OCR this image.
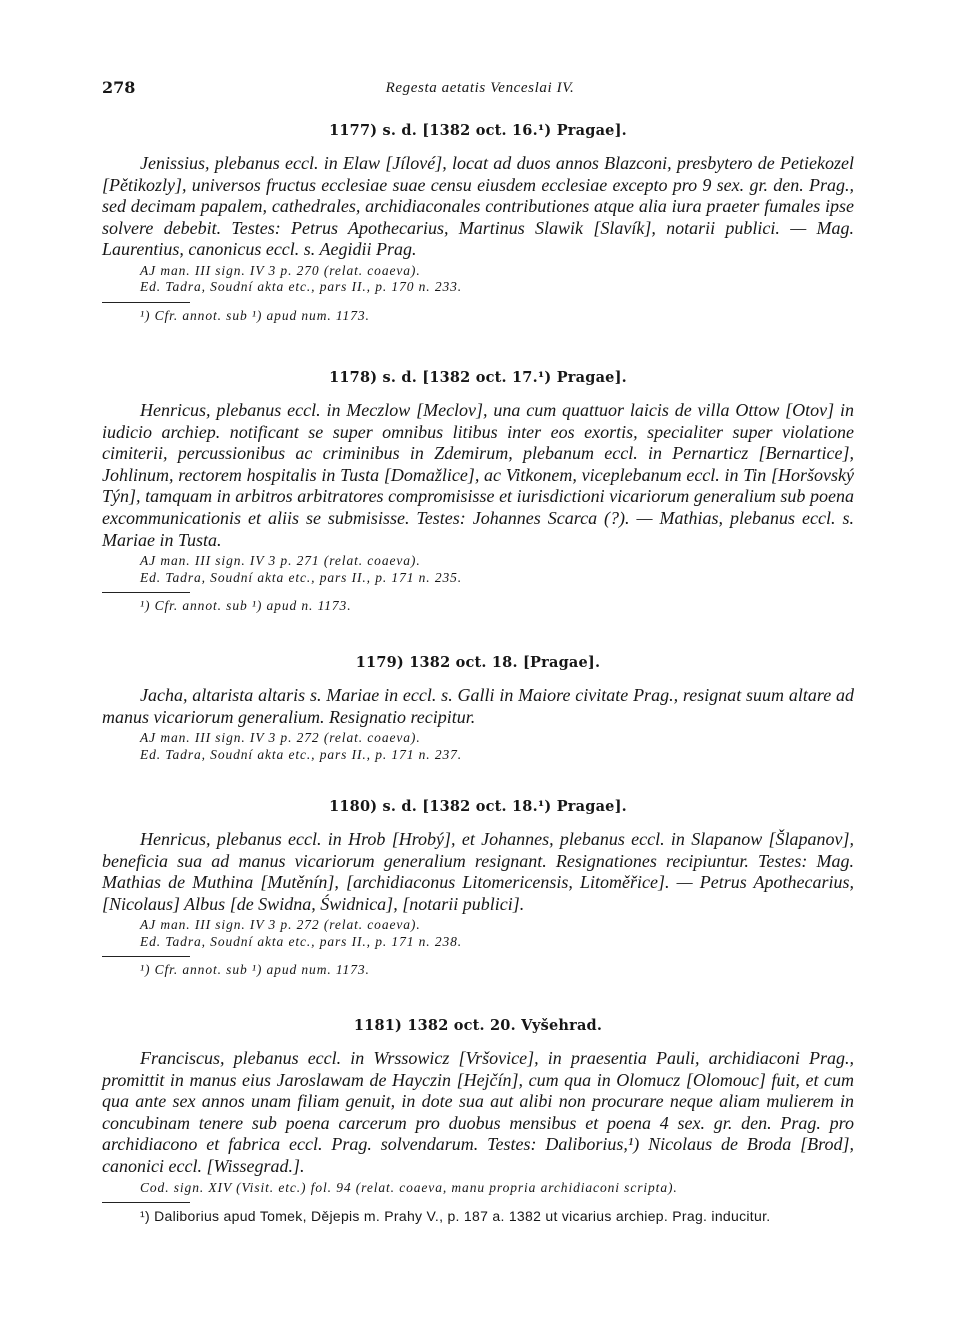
278	Regesta aetatis Venceslai IV.
1177) s. d. [1382 oct. 16.¹) Pragae].

Jenissius, plebanus eccl. in Elaw [Jílové], locat ad duos annos Blazconi, presbytero de Petiekozel [Pětikozly], universos fructus ecclesiae suae censu eiusdem ecclesiae excepto pro 9 sex. gr. den. Prag., sed decimam papalem, cathedrales, archidiaconales contributiones atque alia iura praeter fumales ipse solvere debebit. Testes: Petrus Apothecarius, Martinus Slawik [Slavík], notarii publici. — Mag. Laurentius, canonicus eccl. s. Aegidii Prag.

AJ man. III sign. IV 3 p. 270 (relat. coaeva).
Ed. Tadra, Soudní akta etc., pars II., p. 170 n. 233.
¹) Cfr. annot. sub ¹) apud num. 1173.
1178) s. d. [1382 oct. 17.¹) Pragae].

Henricus, plebanus eccl. in Meczlow [Meclov], una cum quattuor laicis de villa Ottow [Otov] in iudicio archiep. notificant se super omnibus litibus inter eos exortis, specialiter super violatione cimiterii, percussionibus ac criminibus in Zdemirum, plebanum eccl. in Pernarticz [Bernartice], Johlinum, rectorem hospitalis in Tusta [Domažlice], ac Vitkonem, viceplebanum eccl. in Tin [Horšovský Týn], tamquam in arbitros arbitratores compromisisse et iurisdictioni vicariorum generalium sub poena excommunicationis et aliis se submisisse. Testes: Johannes Scarca (?). — Mathias, plebanus eccl. s. Mariae in Tusta.

AJ man. III sign. IV 3 p. 271 (relat. coaeva).
Ed. Tadra, Soudní akta etc., pars II., p. 171 n. 235.
¹) Cfr. annot. sub ¹) apud n. 1173.
1179) 1382 oct. 18. [Pragae].

Jacha, altarista altaris s. Mariae in eccl. s. Galli in Maiore civitate Prag., resignat suum altare ad manus vicariorum generalium. Resignatio recipitur.

AJ man. III sign. IV 3 p. 272 (relat. coaeva).
Ed. Tadra, Soudní akta etc., pars II., p. 171 n. 237.
1180) s. d. [1382 oct. 18.¹) Pragae].

Henricus, plebanus eccl. in Hrob [Hrobý], et Johannes, plebanus eccl. in Slapanow [Šlapanov], beneficia sua ad manus vicariorum generalium resignant. Resignationes recipiuntur. Testes: Mag. Mathias de Muthina [Mutěnín], [archidiaconus Litomericensis, Litoměřice]. — Petrus Apothecarius, [Nicolaus] Albus [de Swidna, Świdnica], [notarii publici].

AJ man. III sign. IV 3 p. 272 (relat. coaeva).
Ed. Tadra, Soudní akta etc., pars II., p. 171 n. 238.
¹) Cfr. annot. sub ¹) apud num. 1173.
1181) 1382 oct. 20. Vyšehrad.

Franciscus, plebanus eccl. in Wrssowicz [Vršovice], in praesentia Pauli, archidiaconi Prag., promittit in manus eius Jaroslawam de Hayczin [Hejčín], cum qua in Olomucz [Olomouc] fuit, et cum qua ante sex annos unam filiam genuit, in dote sua aut alibi non procurare neque aliam mulierem in concubinam tenere sub poena carcerum pro duobus mensibus et poena 4 sex. gr. den. Prag. pro archidiacono et fabrica eccl. Prag. solvendarum. Testes: Daliborius,¹) Nicolaus de Broda [Brod], canonici eccl. [Wissegrad.].

Cod. sign. XIV (Visit. etc.) fol. 94 (relat. coaeva, manu propria archidiaconi scripta).
¹) Daliborius apud Tomek, Dějepis m. Prahy V., p. 187 a. 1382 ut vicarius archiep. Prag. inducitur.
